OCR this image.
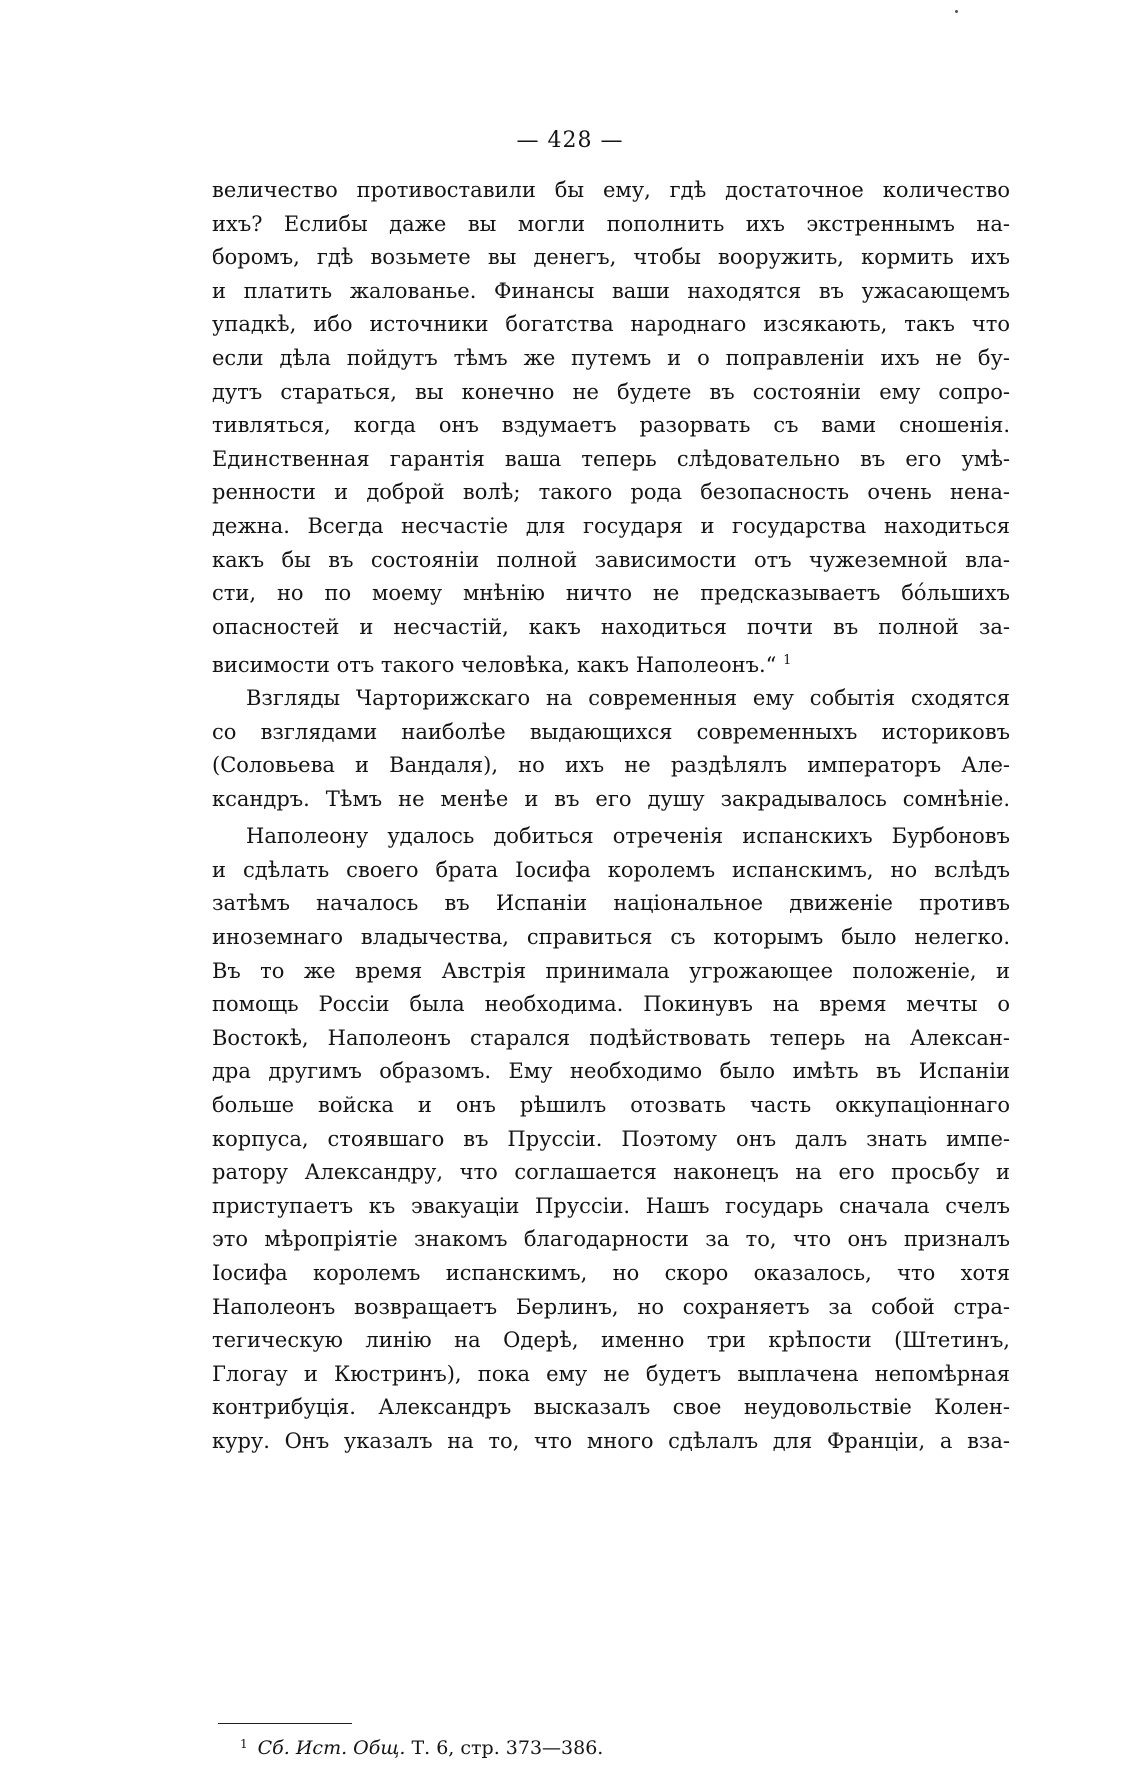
— 428 —
величество противоставили бы ему, гдѣ достаточное количество
ихъ? Еслибы даже вы могли пополнить ихъ экстреннымъ на-
боромъ, гдѣ возьмете вы денегъ, чтобы вооружить, кормить ихъ
и платить жалованье. Финансы ваши находятся въ ужасающемъ
упадкѣ, ибо источники богатства народнаго изсякають, такъ что
если дѣла пойдутъ тѣмъ же путемъ и о поправленіи ихъ не бу-
дутъ стараться, вы конечно не будете въ состояніи ему сопро-
тивляться, когда онъ вздумаетъ разорвать съ вами сношенія.
Единственная гарантія ваша теперь слѣдовательно въ его умѣ-
ренности и доброй волѣ; такого рода безопасность очень нена-
дежна. Всегда несчастіе для государя и государства находиться
какъ бы въ состояніи полной зависимости отъ чужеземной вла-
сти, но по моему мнѣнію ничто не предсказываетъ бо́льшихъ
опасностей и несчастій, какъ находиться почти въ полной за-
висимости отъ такого человѣка, какъ Наполеонъ.“ $^1$
Взгляды Чарторижскаго на современныя ему событія сходятся
со взглядами наиболѣе выдающихся современныхъ историковъ
(Соловьева и Вандаля), но ихъ не раздѣлялъ императоръ Але-
ксандръ. Тѣмъ не менѣе и въ его душу закрадывалось сомнѣніе.
Наполеону удалось добиться отреченія испанскихъ Бурбоновъ
и сдѣлать своего брата Іосифа королемъ испанскимъ, но вслѣдъ
затѣмъ началось въ Испаніи національное движеніе противъ
иноземнаго владычества, справиться съ которымъ было нелегко.
Въ то же время Австрія принимала угрожающее положеніе, и
помощь Россіи была необходима. Покинувъ на время мечты о
Востокѣ, Наполеонъ старался подѣйствовать теперь на Алексан-
дра другимъ образомъ. Ему необходимо было имѣть въ Испаніи
больше войска и онъ рѣшилъ отозвать часть оккупаціоннаго
корпуса, стоявшаго въ Пруссіи. Поэтому онъ далъ знать импе-
ратору Александру, что соглашается наконецъ на его просьбу и
приступаетъ къ эвакуаціи Пруссіи. Нашъ государь сначала счелъ
это мѣропріятіе знакомъ благодарности за то, что онъ призналъ
Іосифа королемъ испанскимъ, но скоро оказалось, что хотя
Наполеонъ возвращаетъ Берлинъ, но сохраняетъ за собой стра-
тегическую линію на Одерѣ, именно три крѣпости (Штетинъ,
Глогау и Кюстринъ), пока ему не будетъ выплачена непомѣрная
контрибуція. Александръ высказалъ свое неудовольствіе Колен-
куру. Онъ указалъ на то, что много сдѣлалъ для Франціи, а вза-
$^1$ Сб. Ист. Общ. Т. 6, стр. 373—386.
